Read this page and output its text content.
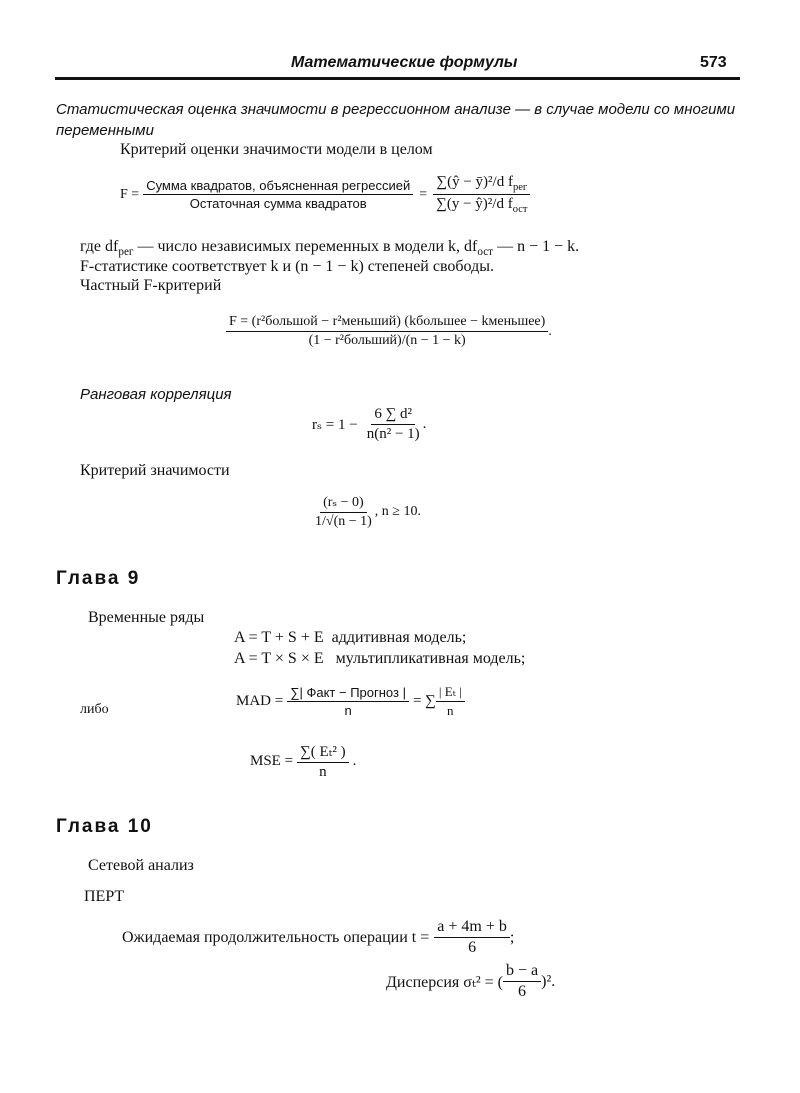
Математические формулы	573
Статистическая оценка значимости в регрессионном анализе — в случае модели со многими переменными
Критерий оценки значимости модели в целом
$F = \frac{\text{Сумма квадратов, объясненная регрессией}}{\text{Остаточная сумма квадратов}} = \frac{\sum(ŷ - ȳ)^2/d f_{рег}}{\sum(y - ŷ)^2/d f_{ост}}$
где $df_{рег}$ — число независимых переменных в модели k, $df_{ост}$ — n − 1 − k.
F-статистике соответствует k и (n − 1 − k) степеней свободы.
Частный F-критерий
$\frac{\text{F = (r²большой − r²меньший) (kбольшее − kменьшее)}}{\text{(1 − r²больший)/(n − 1 − k)}}$ .
Ранговая корреляция
$r_s = 1 - \frac{\text{6 ∑ d²}}{\text{n(n² − 1)}}$ .
Критерий значимости
$\frac{\text{(rₛ − 0)}}{1/√(n - 1)}$ , n ≥ 10.
Глава 9
Временные ряды
A = T + S + E аддитивная модель;
A = T × S × E мультипликативная модель;
либо
MAD = $\frac{\text{∑| Факт − Прогноз |}}{n}$ = ∑ $\frac{\text{| Eₜ |}}{n}$
MSE = $\frac{\text{∑( Eₜ² )}}{n}$ .
Глава 10
Сетевой анализ
ПЕРТ
Ожидаемая продолжительность операции $t = \frac{a + 4m + b}{6}$ ;
Дисперсия σₜ² = ( $\frac{b - a}{6} )^2$.
